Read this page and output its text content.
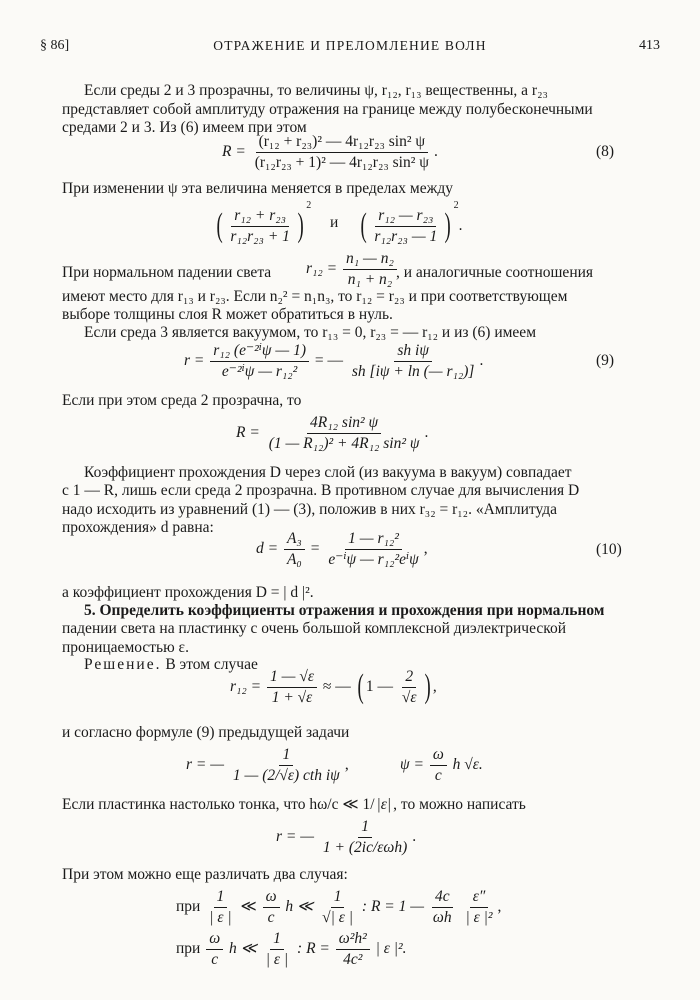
§ 86]	ОТРАЖЕНИЕ И ПРЕЛОМЛЕНИЕ ВОЛН	413
Если среды 2 и 3 прозрачны, то величины ψ, r₁₂, r₁₃ вещественны, а r₂₃
представляет собой амплитуду отражения на границе между полубесконечными
средами 2 и 3. Из (6) имеем при этом
$R = \frac{\text{(r₁₂ + r₂₃)² — 4r₁₂r₂₃ sin² ψ}}{\text{(r₁₂r₂₃ + 1)² — 4r₁₂r₂₃ sin² ψ}}$ .	(8)
При изменении ψ эта величина меняется в пределах между
( $\frac{\text{r₁₂ + r₂₃}}{\text{r₁₂r₂₃ + 1}} )^2$
и ( $\frac{\text{r₁₂ — r₂₃}}{\text{r₁₂r₂₃ — 1}} )^2$.
При нормальном падении света $r_{12} = \frac{\text{n₁ — n₂}}{\text{n₁ + n₂}}$ , и аналогичные соотношения
имеют место для r₁₃ и r₂₃. Если n₂² = n₁n₃, то r₁₂ = r₂₃ и при соответствующем
выборе толщины слоя R может обратиться в нуль.
Если среда 3 является вакуумом, то r₁₃ = 0, r₂₃ = — r₁₂ и из (6) имеем
$r = \frac{\text{r₁₂ (e⁻²ⁱψ — 1)}}{\text{e⁻²ⁱψ — r₁₂²}}$ = — $\frac{\text{sh iψ}}{\text{sh [iψ + ln (— r₁₂)]}}$ .	(9)
Если при этом среда 2 прозрачна, то
$R = \frac{\text{4R₁₂ sin² ψ}}{\text{(1 — R₁₂)² + 4R₁₂ sin² ψ}}$ .
Коэффициент прохождения D через слой (из вакуума в вакуум) совпадает
с 1 — R, лишь если среда 2 прозрачна. В противном случае для вычисления D
надо исходить из уравнений (1) — (3), положив в них r₃₂ = r₁₂. «Амплитуда
прохождения» d равна:
$d = \frac{\text{A₃}}{\text{A₀}} = \frac{\text{1 — r₁₂²}}{\text{e⁻ⁱψ — r₁₂²eⁱψ}}$ ,	(10)
а коэффициент прохождения D = | d |².
5. Определить коэффициенты отражения и прохождения при нормальном
падении света на пластинку с очень большой комплексной диэлектрической
проницаемостью ε.
Решение. В этом случае
$r_{12} = \frac{1 — √\varepsilon}{1 + √\varepsilon}$ ≈ — ( 1 — $\frac{2}{√\varepsilon}$ ) ,
и согласно формуле (9) предыдущей задачи
r = — $\frac{1}{\text{1 — (2/√ε) cth iψ}}$ ,	$\psi = \frac{\omega}{c}$ h √ε.
Если пластинка настолько тонка, что hω/c ≪ 1/ |ε| , то можно написать
r = — $\frac{1}{\text{1 + (2ic/εωh)}}$ .
При этом можно еще различать два случая:
при $\frac{1}{| \varepsilon |}$ ≪ $\frac{\omega}{c}$ h ≪ $\frac{1}{√| \varepsilon |}$ : R = 1 — $\frac{4c}{\omega h}$
$\frac{\varepsilon''}{\text{| ε |²}}$ ,
при $\frac{\omega}{c}$ h ≪ $\frac{1}{| \varepsilon |}$ : $R = \frac{\text{ω²h²}}{\text{4c²}}$ | ε |².
